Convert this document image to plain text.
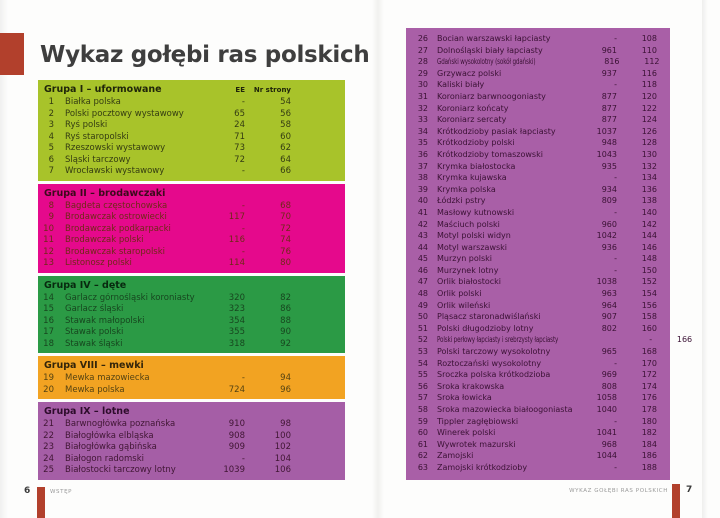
Wykaz gołębi ras polskich
Grupa I – uformowane	EE	Nr strony
1	Białka polska	-	54
2	Polski pocztowy wystawowy	65	56
3	Ryś polski	24	58
4	Ryś staropolski	71	60
5	Rzeszowski wystawowy	73	62
6	Śląski tarczowy	72	64
7	Wrocławski wystawowy	-	66
Grupa II – brodawczaki
8	Bagdeta częstochowska	-	68
9	Brodawczak ostrowiecki	117	70
10	Brodawczak podkarpacki	-	72
11	Brodawczak polski	116	74
12	Brodawczak staropolski	-	76
13	Listonosz polski	114	80
Grupa IV – dęte
14	Garlacz górnośląski koroniasty	320	82
15	Garlacz śląski	323	86
16	Stawak małopolski	354	88
17	Stawak polski	355	90
18	Stawak śląski	318	92
Grupa VIII – mewki
19	Mewka mazowiecka	-	94
20	Mewka polska	724	96
Grupa IX – lotne
21	Barwnogłówka poznańska	910	98
22	Białogłówka elbląska	908	100
23	Białogłówka gąbińska	909	102
24	Białogon radomski	-	104
25	Białostocki tarczowy lotny	1039	106
26	Bocian warszawski łapciasty	-	108
27	Dolnośląski biały łapciasty	961	110
28	Gdański wysokolotny (sokół gdański)	816	112
29	Grzywacz polski	937	116
30	Kaliski biały	-	118
31	Koroniarz barwnoogoniasty	877	120
32	Koroniarz końcaty	877	122
33	Koroniarz sercaty	877	124
34	Krótkodzioby pasiak łapciasty	1037	126
35	Krótkodzioby polski	948	128
36	Krótkodzioby tomaszowski	1043	130
37	Krymka białostocka	935	132
38	Krymka kujawska	-	134
39	Krymka polska	934	136
40	Łódzki pstry	809	138
41	Masłowy kutnowski	-	140
42	Maściuch polski	960	142
43	Motyl polski widyn	1042	144
44	Motyl warszawski	936	146
45	Murzyn polski	-	148
46	Murzynek lotny	-	150
47	Orlik białostocki	1038	152
48	Orlik polski	963	154
49	Orlik wileński	964	156
50	Pląsacz staronadwiślański	907	158
51	Polski długodzioby lotny	802	160
52	Polski perłowy łapciasty i srebrzysty łapciasty	-	166
53	Polski tarczowy wysokolotny	965	168
54	Roztoczański wysokolotny	-	170
55	Sroczka polska krótkodzioba	969	172
56	Sroka krakowska	808	174
57	Sroka łowicka	1058	176
58	Sroka mazowiecka białoogoniasta	1040	178
59	Tippler zagłębiowski	-	180
60	Winerek polski	1041	182
61	Wywrotek mazurski	968	184
62	Zamojski	1044	186
63	Zamojski krótkodzioby	-	188
6	WSTĘP	WYKAZ GOŁĘBI RAS POLSKICH 7
